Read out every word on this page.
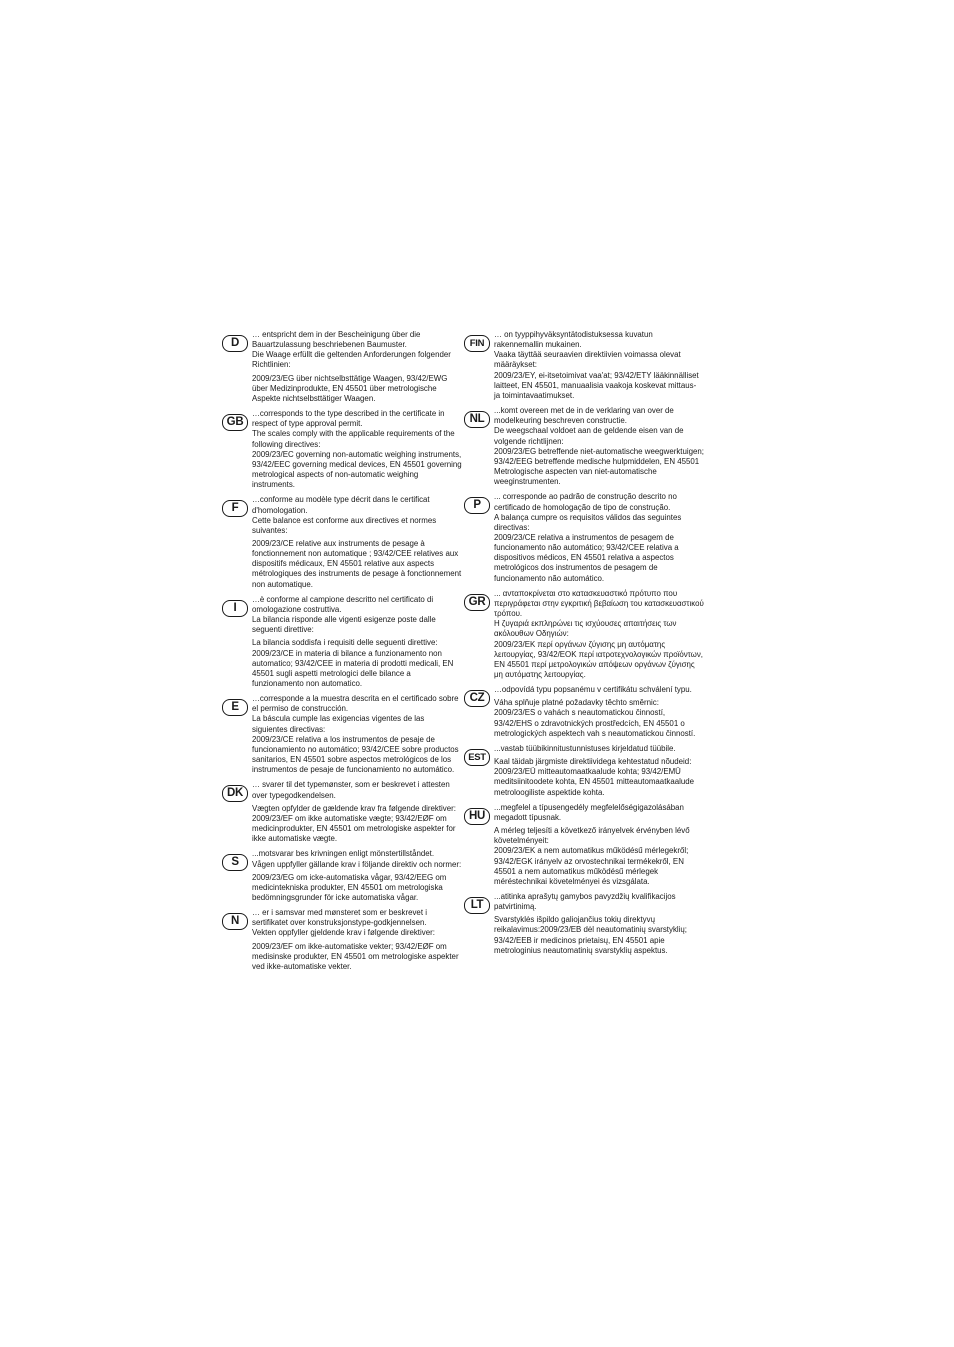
D
… entspricht dem in der Bescheinigung über die Bauartzulassung beschriebenen Baumuster.
Die Waage erfüllt die geltenden Anforderungen folgender Richtlinien:
2009/23/EG über nichtselbsttätige Waagen, 93/42/EWG über Medizinprodukte, EN 45501 über metrologische Aspekte nichtselbsttätiger Waagen.
GB
…corresponds to the type described in the certificate in respect of type approval permit.
The scales comply with the applicable requirements of the following directives:
2009/23/EC governing non-automatic weighing instruments, 93/42/EEC governing medical devices, EN 45501 governing metrological aspects of non-automatic weighing instruments.
F
…conforme au modèle type décrit dans le certificat d'homologation.
Cette balance est conforme aux directives et normes suivantes:
2009/23/CE relative aux instruments de pesage à fonctionnement non automatique ; 93/42/CEE relatives aux dispositifs médicaux, EN 45501 relative aux aspects métrologiques des instruments de pesage à fonctionnement non automatique.
I
…è conforme al campione descritto nel certificato di omologazione costruttiva.
La bilancia risponde alle vigenti esigenze poste dalle seguenti direttive:
La bilancia soddisfa i requisiti delle seguenti direttive:
2009/23/CE in materia di bilance a funzionamento non automatico; 93/42/CEE in materia di prodotti medicali, EN 45501 sugli aspetti metrologici delle bilance a funzionamento non automatico.
E
…corresponde a la muestra descrita en el certificado sobre el permiso de construcción.
La báscula cumple las exigencias vigentes de las siguientes directivas:
2009/23/CE relativa a los instrumentos de pesaje de funcionamiento no automático; 93/42/CEE sobre productos sanitarios, EN 45501 sobre aspectos metrológicos de los instrumentos de pesaje de funcionamiento no automático.
DK
… svarer til det typemønster, som er beskrevet i attesten over typegodkendelsen.
Vægten opfylder de gældende krav fra følgende direktiver:
2009/23/EF om ikke automatiske vægte; 93/42/EØF om medicinprodukter, EN 45501 om metrologiske aspekter for ikke automatiske vægte.
S
...motsvarar bes krivningen enligt mönstertillståndet.
Vågen uppfyller gällande krav i följande direktiv och normer:
2009/23/EG om icke-automatiska vågar, 93/42/EEG om medicintekniska produkter, EN 45501 om metrologiska bedömningsgrunder för icke automatiska vågar.
N
… er i samsvar med mønsteret som er beskrevet i sertifikatet over konstruksjonstype-godkjennelsen.
Vekten oppfyller gjeldende krav i følgende direktiver:
2009/23/EF om ikke-automatiske vekter; 93/42/EØF om medisinske produkter, EN 45501 om metrologiske aspekter ved ikke-automatiske vekter.
FIN
… on tyyppihyväksyntätodistuksessa kuvatun rakennemallin mukainen.
Vaaka täyttää seuraavien direktiivien voimassa olevat määräykset:
2009/23/EY, ei-itsetoimivat vaa'at; 93/42/ETY lääkinnälliset laitteet, EN 45501, manuaalisia vaakoja koskevat mittaus- ja toimintavaatimukset.
NL
...komt overeen met de in de verklaring van over de modelkeuring beschreven constructie.
De weegschaal voldoet aan de geldende eisen van de volgende richtlijnen:
2009/23/EG betreffende niet-automatische weegwerktuigen; 93/42/EEG betreffende medische hulpmiddelen, EN 45501 Metrologische aspecten van niet-automatische weeginstrumenten.
P
... corresponde ao padrão de construção descrito no certificado de homologação de tipo de construção.
A balança cumpre os requisitos válidos das seguintes directivas:
2009/23/CE relativa a instrumentos de pesagem de funcionamento não automático; 93/42/CEE relativa a dispositivos médicos, EN 45501 relativa a aspectos metrológicos dos instrumentos de pesagem de funcionamento não automático.
GR
... ανταποκρίνεται στο κατασκευαστικό πρότυπο που περιγράφεται στην εγκριτική βεβαίωση του κατασκευαστικού τρόπου.
Η ζυγαριά εκπληρώνει τις ισχύουσες απαιτήσεις των ακόλουθων Οδηγιών:
2009/23/ΕΚ περί οργάνων ζύγισης μη αυτόματης λειτουργίας, 93/42/ΕΟΚ περί ιατροτεχνολογικών προϊόντων, EN 45501 περί μετρολογικών απόψεων οργάνων ζύγισης μη αυτόματης λειτουργίας.
CZ
…odpovídá typu popsanému v certifikátu schválení typu.
Váha splňuje platné požadavky těchto směrnic:
2009/23/ES o vahách s neautomatickou činností, 93/42/EHS o zdravotnických prostředcích, EN 45501 o metrologických aspektech vah s neautomatickou činností.
EST
...vastab tüübikinnitustunnistuses kirjeldatud tüübile.
Kaal täidab järgmiste direktiividega kehtestatud nõudeid:
2009/23/EÜ mitteautomaatkaalude kohta; 93/42/EMÜ meditsiinitoodete kohta, EN 45501 mitteautomaatkaalude metroloogiliste aspektide kohta.
HU
...megfelel a típusengedély megfelelőségigazolásában megadott típusnak.
A mérleg teljesíti a következő irányelvek érvényben lévő követelményeit:
2009/23/EK a nem automatikus működésű mérlegekről; 93/42/EGK irányelv az orvostechnikai termékekről, EN 45501 a nem automatikus működésű mérlegek méréstechnikai követelményei és vizsgálata.
LT
...atitinka aprašytų gamybos pavyzdžių kvalifikacijos patvirtinimą.
Svarstyklės išpildo galiojančius tokių direktyvų reikalavimus:2009/23/EB dėl neautomatinių svarstyklių; 93/42/EEB ir medicinos prietaisų, EN 45501 apie metrologinius neautomatinių svarstyklių aspektus.
